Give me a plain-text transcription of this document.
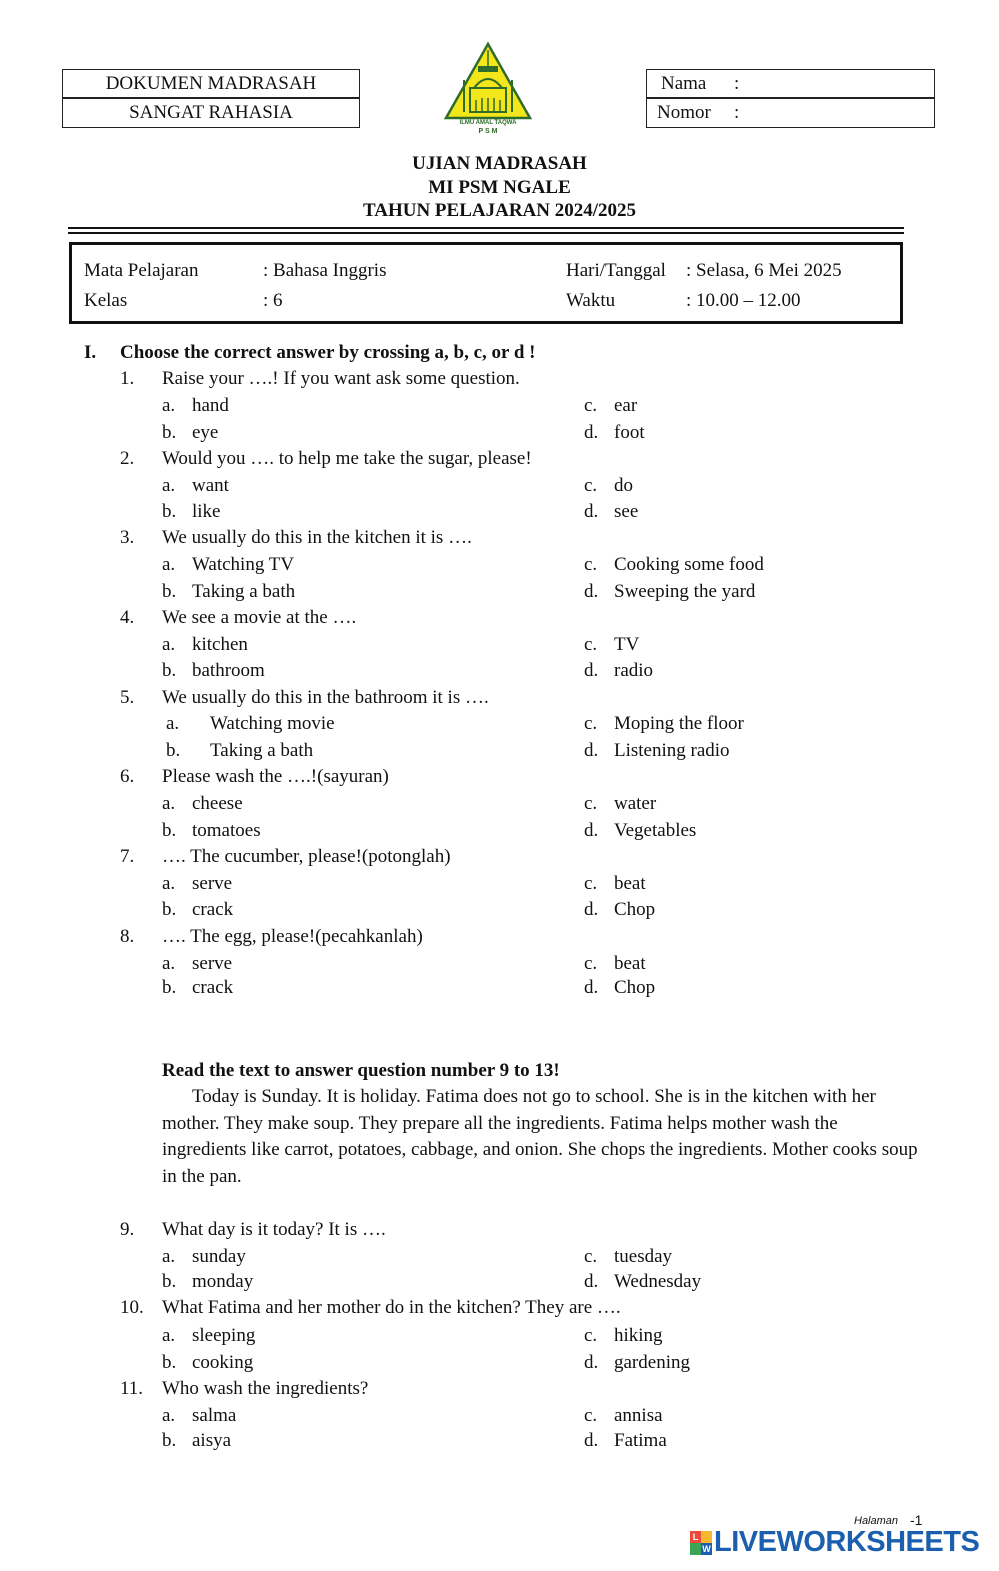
DOKUMEN MADRASAH
SANGAT RAHASIA
Nama :
Nomor :
ILMU AMAL TAQWA
P S M
UJIAN MADRASAH
MI PSM NGALE
TAHUN PELAJARAN 2024/2025
Mata Pelajaran	: Bahasa Inggris	Hari/Tanggal : Selasa, 6 Mei 2025
Kelas	: 6	Waktu	: 10.00 – 12.00
I. Choose the correct answer by crossing a, b, c, or d !
1. Raise your ….! If you want ask some question.
a. hand	c. ear
b. eye	d. foot
2. Would you …. to help me take the sugar, please!
a. want	c. do
b. like	d. see
3. We usually do this in the kitchen it is ….
a. Watching TV	c. Cooking some food
b. Taking a bath	d. Sweeping the yard
4. We see a movie at the ….
a. kitchen	c. TV
b. bathroom	d. radio
5. We usually do this in the bathroom it is ….
a. Watching movie	c. Moping the floor
b. Taking a bath	d. Listening radio
6. Please wash the ….!(sayuran)
a. cheese	c. water
b. tomatoes	d. Vegetables
7. …. The cucumber, please!(potonglah)
a. serve	c. beat
b. crack	d. Chop
8. …. The egg, please!(pecahkanlah)
a. serve	c. beat
b. crack	d. Chop
Read the text to answer question number 9 to 13!
Today is Sunday. It is holiday. Fatima does not go to school. She is in the kitchen with her mother. They make soup. They prepare all the ingredients. Fatima helps mother wash the ingredients like carrot, potatoes, cabbage, and onion. She chops the ingredients. Mother cooks soup in the pan.
9. What day is it today? It is ….
a. sunday	c. tuesday
b. monday	d. Wednesday
10. What Fatima and her mother do in the kitchen? They are ….
a. sleeping	c. hiking
b. cooking	d. gardening
11. Who wash the ingredients?
a. salma	c. annisa
b. aisya	d. Fatima
Halaman -1
L
W LIVEWORKSHEETS
